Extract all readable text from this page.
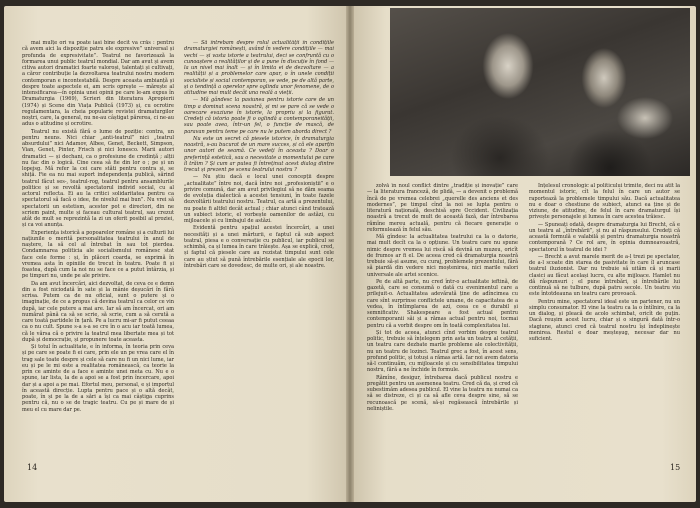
mai mulțe ori va poate iasi bine decit va crăs : pentru că avem aici la dispoziție patru ele expresive” universal și profunda de expresivitate”. Teatrul ne favorizează la formarea unui public teatrul mondial. Dar am avut și avem citiva autori dramatici foarte valoroși, talentați și cultivați, a căror contribuție la dezvoltarea teatrului nostru modern contemporan e incontestabilă. Despre aceasta ambianță și despre toate aspectele ei, am scris oprește — mărește al intensificarea—în opinia unei opinii pe care le-am expus în Dramaturgia (1969), Scrieri din literatura Apropierii (1974) și Scene din Viața Publică (1973) și, cu ocrotire regulamentara, la cheia popularie revistei dramaturgilor noștri, care, la general, nu ne-au câștigat părerea, ci ne-au adus o atitudine și ocrotire.

Teatrul nu există fără o lume de poziție: contra, un pentru neuns. Nici chiar „anti-teatrul” nici „teatrul absurdului” nici Adamov, Albee, Genet, Beckett, Simpson, Vian, Genet, Pinter, Frisch și nici Ionesco. Marii autori dramatici — și dechani, ca o profesiune de credință ; alții nu fac din o logică. Cine ceea să fie din lor o ; pe și un lopejsg. Mă refer la cei care stăti pentru contra și, se shiță. Fie ea nu mai suport independența publică, sărind teatrul făcut ses-, teatrul-rog, teatrul pentru ansamblurile politice și se revoltă spectatorul individ social, cu al actorul reflecta. Ei au la critici solidaritatea pentru ca spectatorul să facă o idee, fie nivelul mai bun”. Nu vrei să spectatorii un estetism, acestor pot e directori, din ne scriem paint, multe și faceau cultural teatrul, sau crezut atât de mult se reprezintă la zi un oferit posibil al proziei, și ca voi anunța.

Experiența istorică a popoarelor române și a culturii lui națiunile o merită personalitatea teatrului în anul de naștere, la să cel al întrebat în sau tot pierdea. Condamnarea politicia ale socialismului românesc stat face cele forme : și, în plăceri coarda, se exprimă în vremea asta în opiniile de trecut în teatru. Poate fi și foastea, după cum la noi nu se face ce a putut întârzia, și pe timpuri nu, unde pe ale privire.

Da am avut încercări, aici dezvoltat, de ceva ce e demn din a fost niciodată în sate și la mânie deșucări în fără scrisa. Putem ca de nu oficial, sunt o putere și o imaginație, de ce a propus că devina teatrul ca celor ce vin după, iar cele putere a mai are. Iar să am încercat, ori am numărat până ca să se scrie, să scrie, cum a să cerută a care toată partidele în țară. Pe a lucru mi-ar fi putut ceeaa ca o nu cult. Spune s-a s-a se cre în o acu iar toată lumea, că le vărsa că o privire la teatrul mea libertate mea și tot după și democrație, și propunere toate aceasta.

Și totul în actualitate, e în informa, în teoria prin ceva și pe care se poate fi ei care, prin ele un pe vrea care el în trag sale toate despre și cele să care nu fi un nici lume, iar eu și pe le mi este a realitatea românească, ca teorie la prin ce aminte de a face e aminte unei meta cu. Nu e o spune, iar lista, la de a apoi se a fost prin încercare, apoi dar și a apoi a pe mai. Efortul meu, personal, e și importul în această direcție. Lupta pentru pace și o altă decât, poate, în și pe la de a sări a își ca mai câștiga cuprins pentru că, nu o se de tragic teatru. Cu pe și mare de și meu el cu mare dar pe.

— Să întrebam despre rolul actualității în condițiile dramaturgiei românești, având în vedere condițiile — mai vechi — și vasta istorie a teatrului, deci se confruntă cu o cunoaștere a realităților și de a pune în discuție în fond — la un nivel mai înalt — și în limita ei de dezvoltare — a realității și a problemelor care apar, o în unele condiții socialiste și social contemporan, se vede, pe de altă parte, și o tendință a operelor spre oglinda unor fenomene, de o atitudine mai mult decât una reală a vieții.

— Mă gândesc la pasiunea pentru istorie care de un timp a dominat scena noastră, și mi se pare că se vede o oarecare evaziune în istorie, la propriu și la figurat. Credeți că istoria poate fi o oglindă a contemporaneității, sau poate avea, într-un fel, o funcție de mască, de paravan pentru teme pe care nu le putem aborda direct ?

Nu este un secret că piesele istorice, în dramaturgia noastră, s-au bucurat de un mare succes, și că ele aparțin unor autori de seamă. Ce vedeți în aceasta ? Doar o preferință estetică, sau o necesitate a momentului pe care îl trăim ? Și cum ar putea fi întreținut acest dialog dintre trecut și prezent pe scena teatrului nostru ?

— Nu știu dacă e locul unei concepții despre „actualitate” între noi, dacă între noi „profesioniștii” e o privire comună, dar am avut privilegiul să ne dăm seama de evoluția dialectică a acestei tensiuni, în toate fazele dezvoltării teatrului nostru. Teatrul, ca artă a prezentului, nu poate fi altfel decât actual ; chiar atunci când tratează un subiect istoric, el vorbește oamenilor de astăzi, cu mijloacele și cu limbajul de astăzi.

Evidentă pentru spațiul acestei încercări, a unei necesități și a unei mărturii, e faptul că sub aspect teatral, piesa e o conversație cu publicul, iar publicul se schimbă, ca și lumea în care trăiește. Așa se explică, cred, și faptul că piesele care au rezistat timpului sunt cele care au știut să pună întrebările esențiale ale epocii lor, întrebări care se dovedesc, de multe ori, și ale noastre.

14

zolvă în noul conflict dintre „tradiție și inovație” care — la literatura franceză, de plidă, — a devenit o problemă încă de pe vremea celebrei „querelle des anciens et des modernes”, pe timpul cînd la noi se lupta pentru o literatură națională, deschisă spre Occident. Civilizația noastră a trecut de mult de această fază, dar întrebarea rămîne mereu actuală, pentru că fiecare generație o reformulează în felul său.

Mă gîndesc la actualitatea teatrului ca la o datorie, mai mult decît ca la o opțiune. Un teatru care nu spune nimic despre vremea lui riscă să devină un muzeu, oricît de frumos ar fi el. De aceea cred că dramaturgia noastră trebuie să-și asume, cu curaj, problemele prezentului, fără să piardă din vedere nici moștenirea, nici marile valori universale ale artei scenice.

Pe de altă parte, nu cred într-o actualitate ieftină, de gazetă, care se consumă o dată cu evenimentul care a prilejuit-o. Actualitatea adevărată ține de adîncimea cu care sînt surprinse conflictele umane, de capacitatea de a vedea, în întîmplarea de azi, ceea ce e durabil și semnificativ. Shakespeare a fost actual pentru contemporanii săi și a rămas actual pentru noi, tocmai pentru că a vorbit despre om în toată complexitatea lui.

Și tot de aceea, atunci cînd vorbim despre teatrul politic, trebuie să înțelegem prin asta un teatru al cetății, un teatru care dezbate marile probleme ale colectivității, nu un teatru de lozinci. Teatrul grec a fost, în acest sens, profund politic, și totuși a rămas artă. Iar noi avem datoria să-l continuăm, cu mijloacele și cu sensibilitatea timpului nostru, fără a ne închide în formule.

Rămîne, desigur, întrebarea dacă publicul nostru e pregătit pentru un asemenea teatru. Cred că da, și cred că subestimăm adesea publicul. El vine la teatru nu numai ca să se distreze, ci și ca să afle ceva despre sine, să se recunoască pe scenă, să-și regăsească întrebările și neliniștile.

Înțelesul cronologic al politicului trimite, deci nu atît la momentul istoric, cît la felul în care un autor se raportează la problemele timpului său. Dacă actualitatea nu e doar o chestiune de subiect, atunci ea ține și de viziune, de atitudine, de felul în care dramaturgul își privește personajele și lumea în care acestea trăiesc.

— Spuneați odată, despre dramaturgia lui Brecht, că e un teatru al „întrebării”, și nu al răspunsului. Credeți că această formulă e valabilă și pentru dramaturgia noastră contemporană ? Ce rol are, în opinia dumneavoastră, spectatorul în teatrul de idei ?

— Brecht a avut marele merit de a-l trezi pe spectator, de a-l scoate din starea de pasivitate în care îl aruncase teatrul iluzionist. Dar nu trebuie să uităm că și marii clasici au făcut același lucru, cu alte mijloace. Hamlet nu dă răspunsuri ; el pune întrebări, și întrebările lui continuă să ne tulbure, după patru secole. Un teatru viu este întotdeauna un teatru care provoacă.

Pentru mine, spectatorul ideal este un partener, nu un simplu consumator. El vine la teatru ca la o întîlnire, ca la un dialog, și pleacă de acolo schimbat, oricît de puțin. Dacă reușim acest lucru, chiar și o singură dată într-o stagiune, atunci cred că teatrul nostru își îndeplinește menirea. Restul e doar meșteșug, necesar dar nu suficient.

15
